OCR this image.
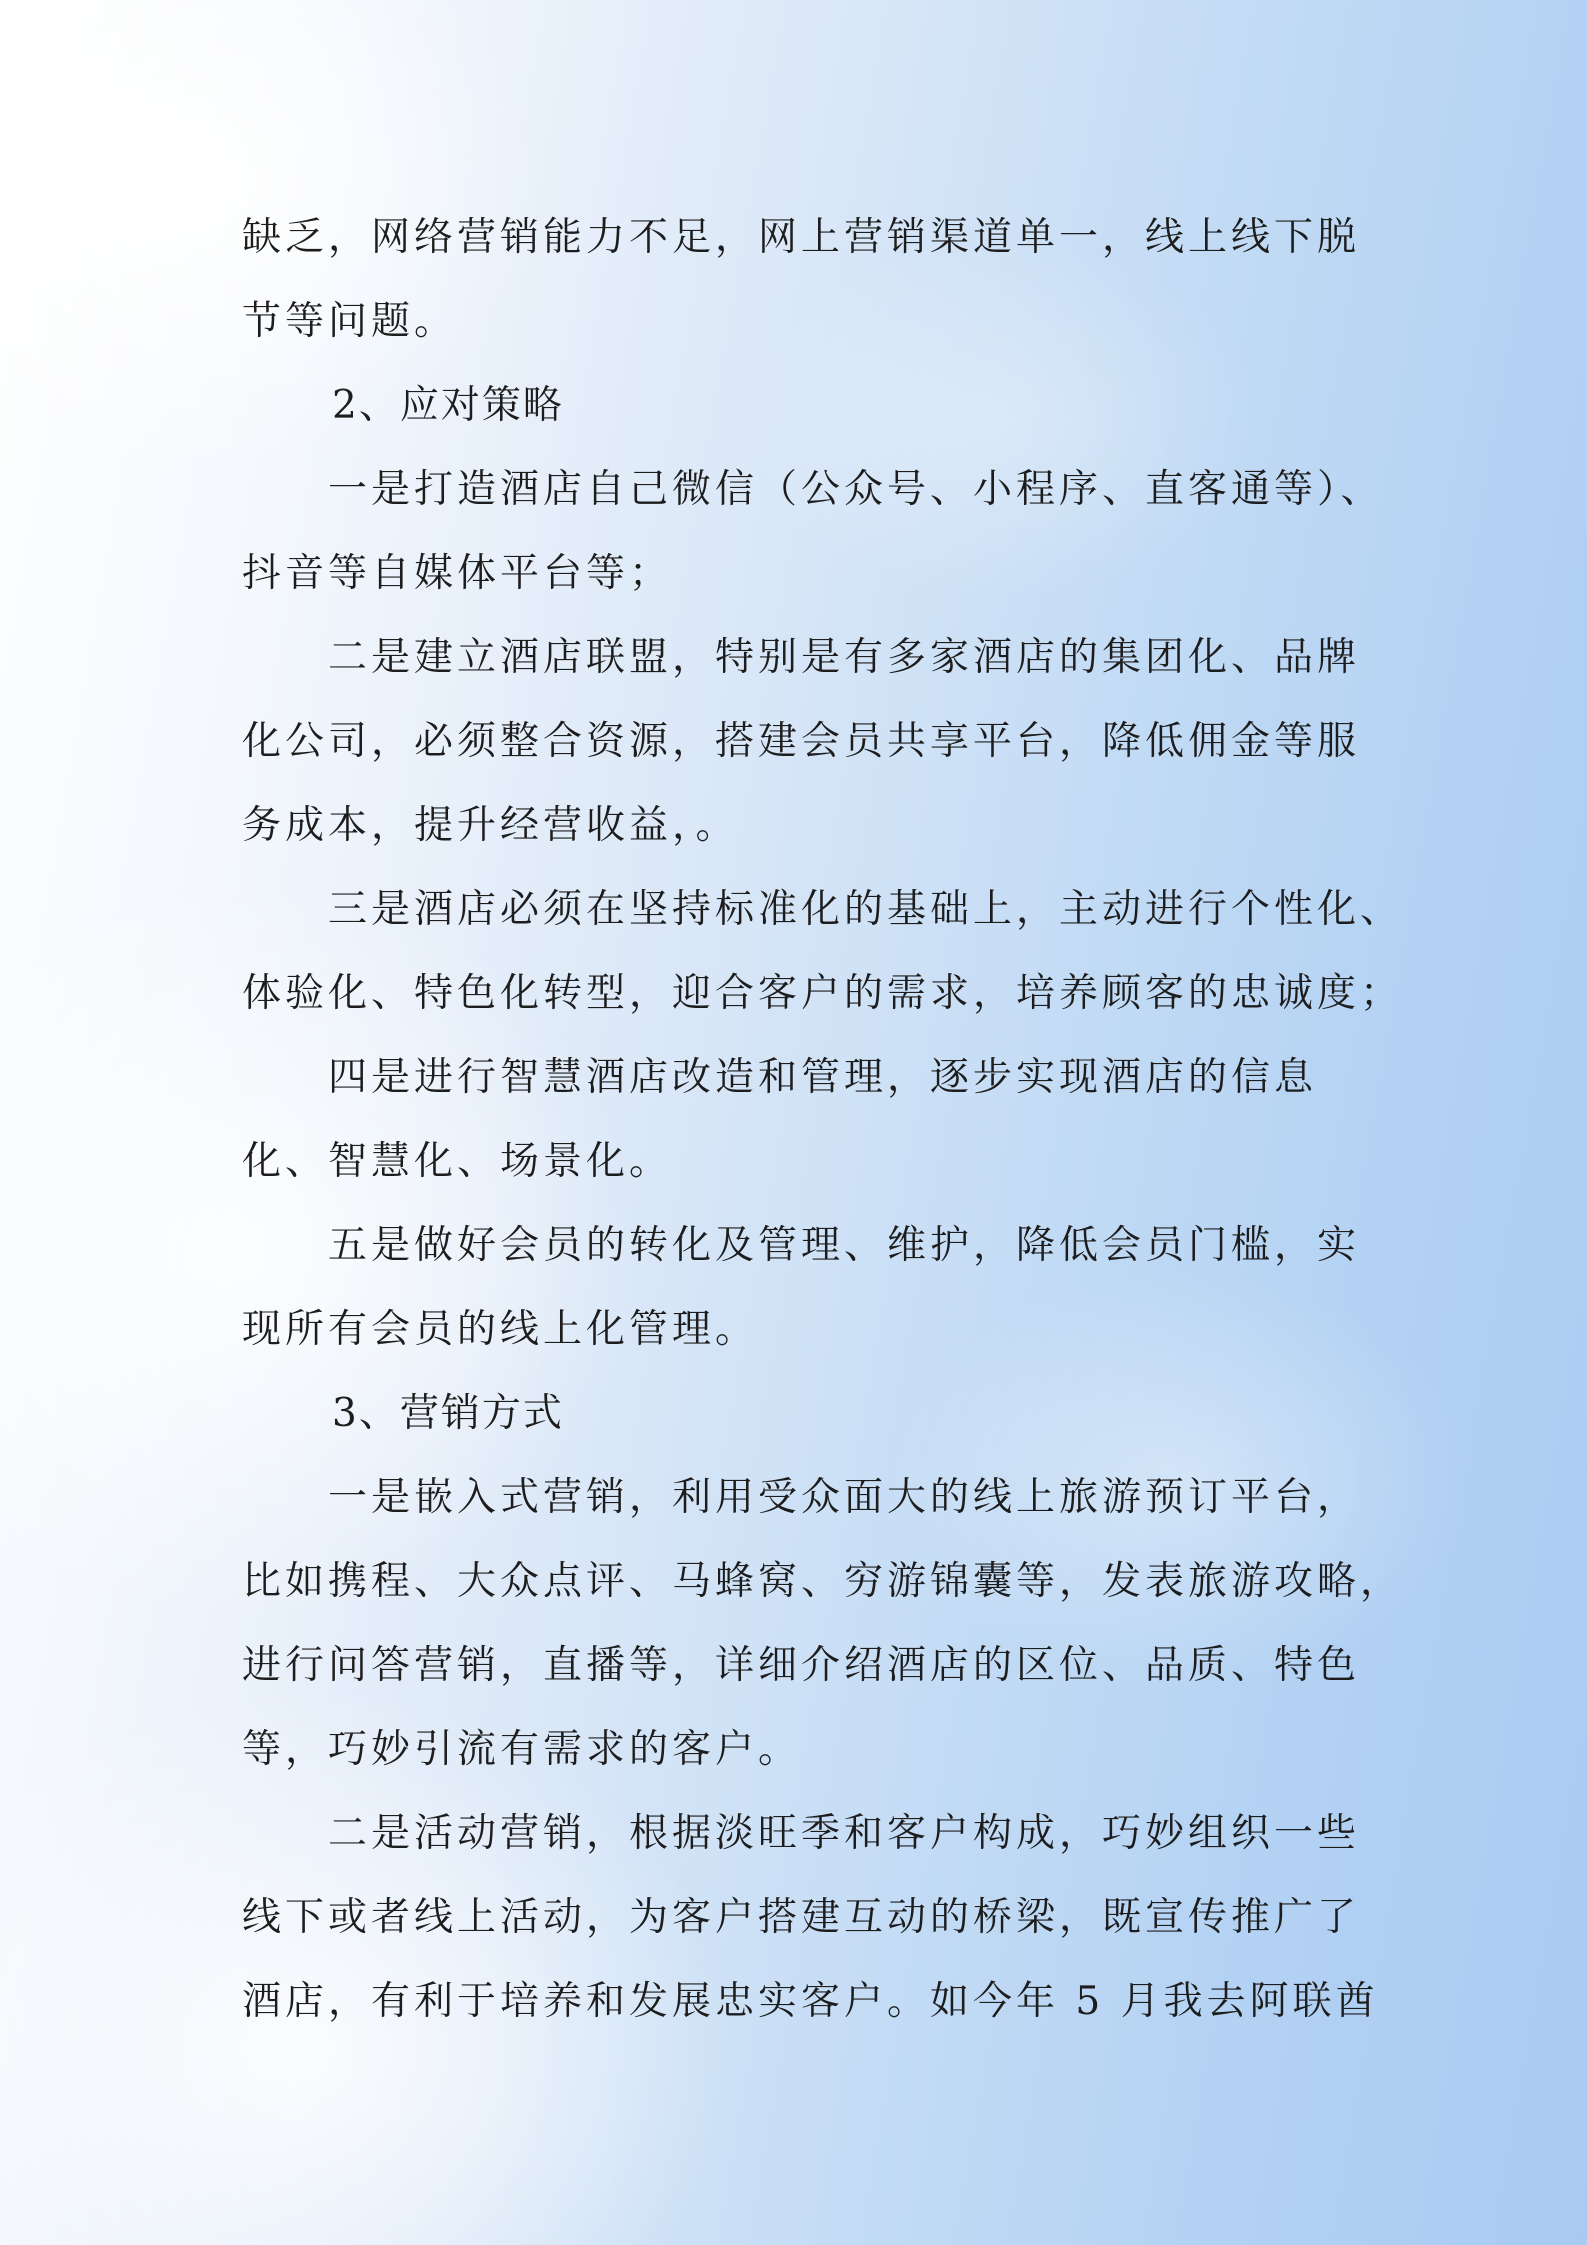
缺乏，网络营销能力不足，网上营销渠道单一，线上线下脱
节等问题。
2、应对策略
一是打造酒店自己微信（公众号、小程序、直客通等）、
抖音等自媒体平台等；
二是建立酒店联盟，特别是有多家酒店的集团化、品牌
化公司，必须整合资源，搭建会员共享平台，降低佣金等服
务成本，提升经营收益，。
三是酒店必须在坚持标准化的基础上，主动进行个性化、
体验化、特色化转型，迎合客户的需求，培养顾客的忠诚度；
四是进行智慧酒店改造和管理，逐步实现酒店的信息
化、智慧化、场景化。
五是做好会员的转化及管理、维护，降低会员门槛，实
现所有会员的线上化管理。
3、营销方式
一是嵌入式营销，利用受众面大的线上旅游预订平台，
比如携程、大众点评、马蜂窝、穷游锦囊等，发表旅游攻略，
进行问答营销，直播等，详细介绍酒店的区位、品质、特色
等，巧妙引流有需求的客户。
二是活动营销，根据淡旺季和客户构成，巧妙组织一些
线下或者线上活动，为客户搭建互动的桥梁，既宣传推广了
酒店，有利于培养和发展忠实客户。如今年 5 月我去阿联酋
